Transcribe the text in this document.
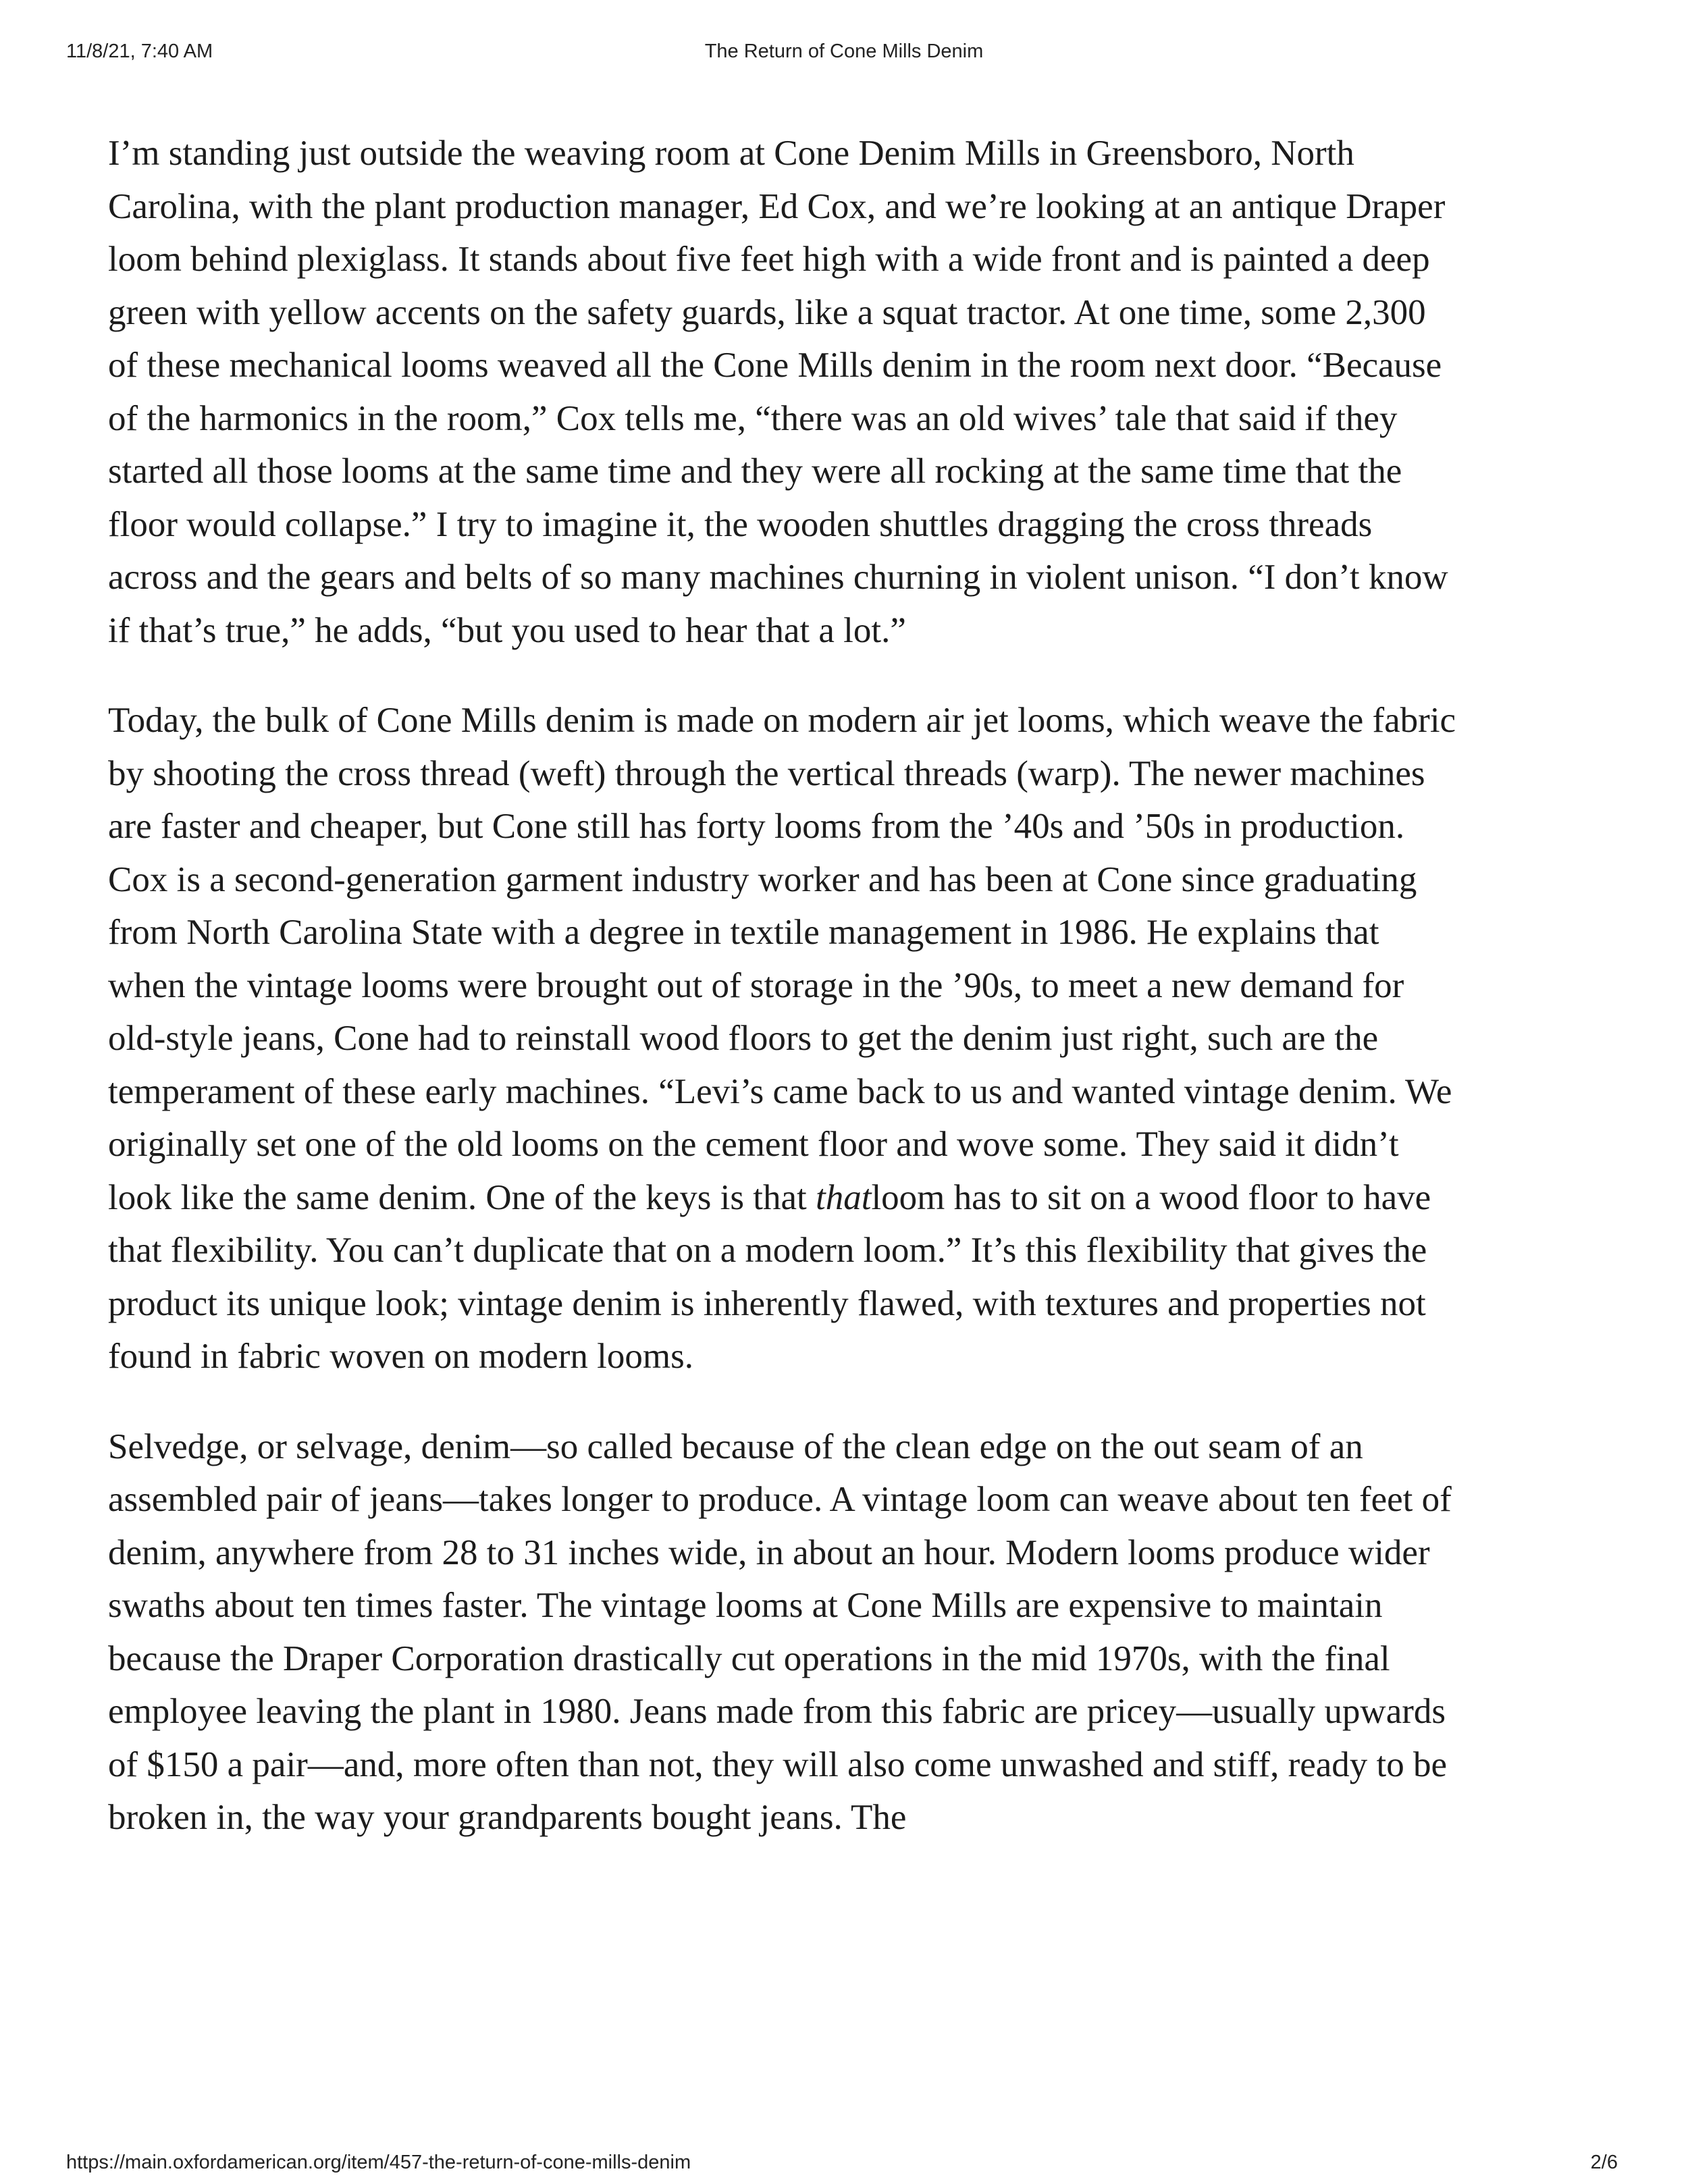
11/8/21, 7:40 AM	The Return of Cone Mills Denim

I’m standing just outside the weaving room at Cone Denim Mills in Greensboro, North Carolina, with the plant production manager, Ed Cox, and we’re looking at an antique Draper loom behind plexiglass. It stands about five feet high with a wide front and is painted a deep green with yellow accents on the safety guards, like a squat tractor. At one time, some 2,300 of these mechanical looms weaved all the Cone Mills denim in the room next door. “Because of the harmonics in the room,” Cox tells me, “there was an old wives’ tale that said if they started all those looms at the same time and they were all rocking at the same time that the floor would collapse.” I try to imagine it, the wooden shuttles dragging the cross threads across and the gears and belts of so many machines churning in violent unison. “I don’t know if that’s true,” he adds, “but you used to hear that a lot.”

Today, the bulk of Cone Mills denim is made on modern air jet looms, which weave the fabric by shooting the cross thread (weft) through the vertical threads (warp). The newer machines are faster and cheaper, but Cone still has forty looms from the ’40s and ’50s in production. Cox is a second-generation garment industry worker and has been at Cone since graduating from North Carolina State with a degree in textile management in 1986. He explains that when the vintage looms were brought out of storage in the ’90s, to meet a new demand for old-style jeans, Cone had to reinstall wood floors to get the denim just right, such are the temperament of these early machines. “Levi’s came back to us and wanted vintage denim. We originally set one of the old looms on the cement floor and wove some. They said it didn’t look like the same denim. One of the keys is that thatloom has to sit on a wood floor to have that flexibility. You can’t duplicate that on a modern loom.” It’s this flexibility that gives the product its unique look; vintage denim is inherently flawed, with textures and properties not found in fabric woven on modern looms.

Selvedge, or selvage, denim—so called because of the clean edge on the out seam of an assembled pair of jeans—takes longer to produce. A vintage loom can weave about ten feet of denim, anywhere from 28 to 31 inches wide, in about an hour. Modern looms produce wider swaths about ten times faster. The vintage looms at Cone Mills are expensive to maintain because the Draper Corporation drastically cut operations in the mid 1970s, with the final employee leaving the plant in 1980. Jeans made from this fabric are pricey—usually upwards of $150 a pair—and, more often than not, they will also come unwashed and stiff, ready to be broken in, the way your grandparents bought jeans. The

https://main.oxfordamerican.org/item/457-the-return-of-cone-mills-denim	2/6
